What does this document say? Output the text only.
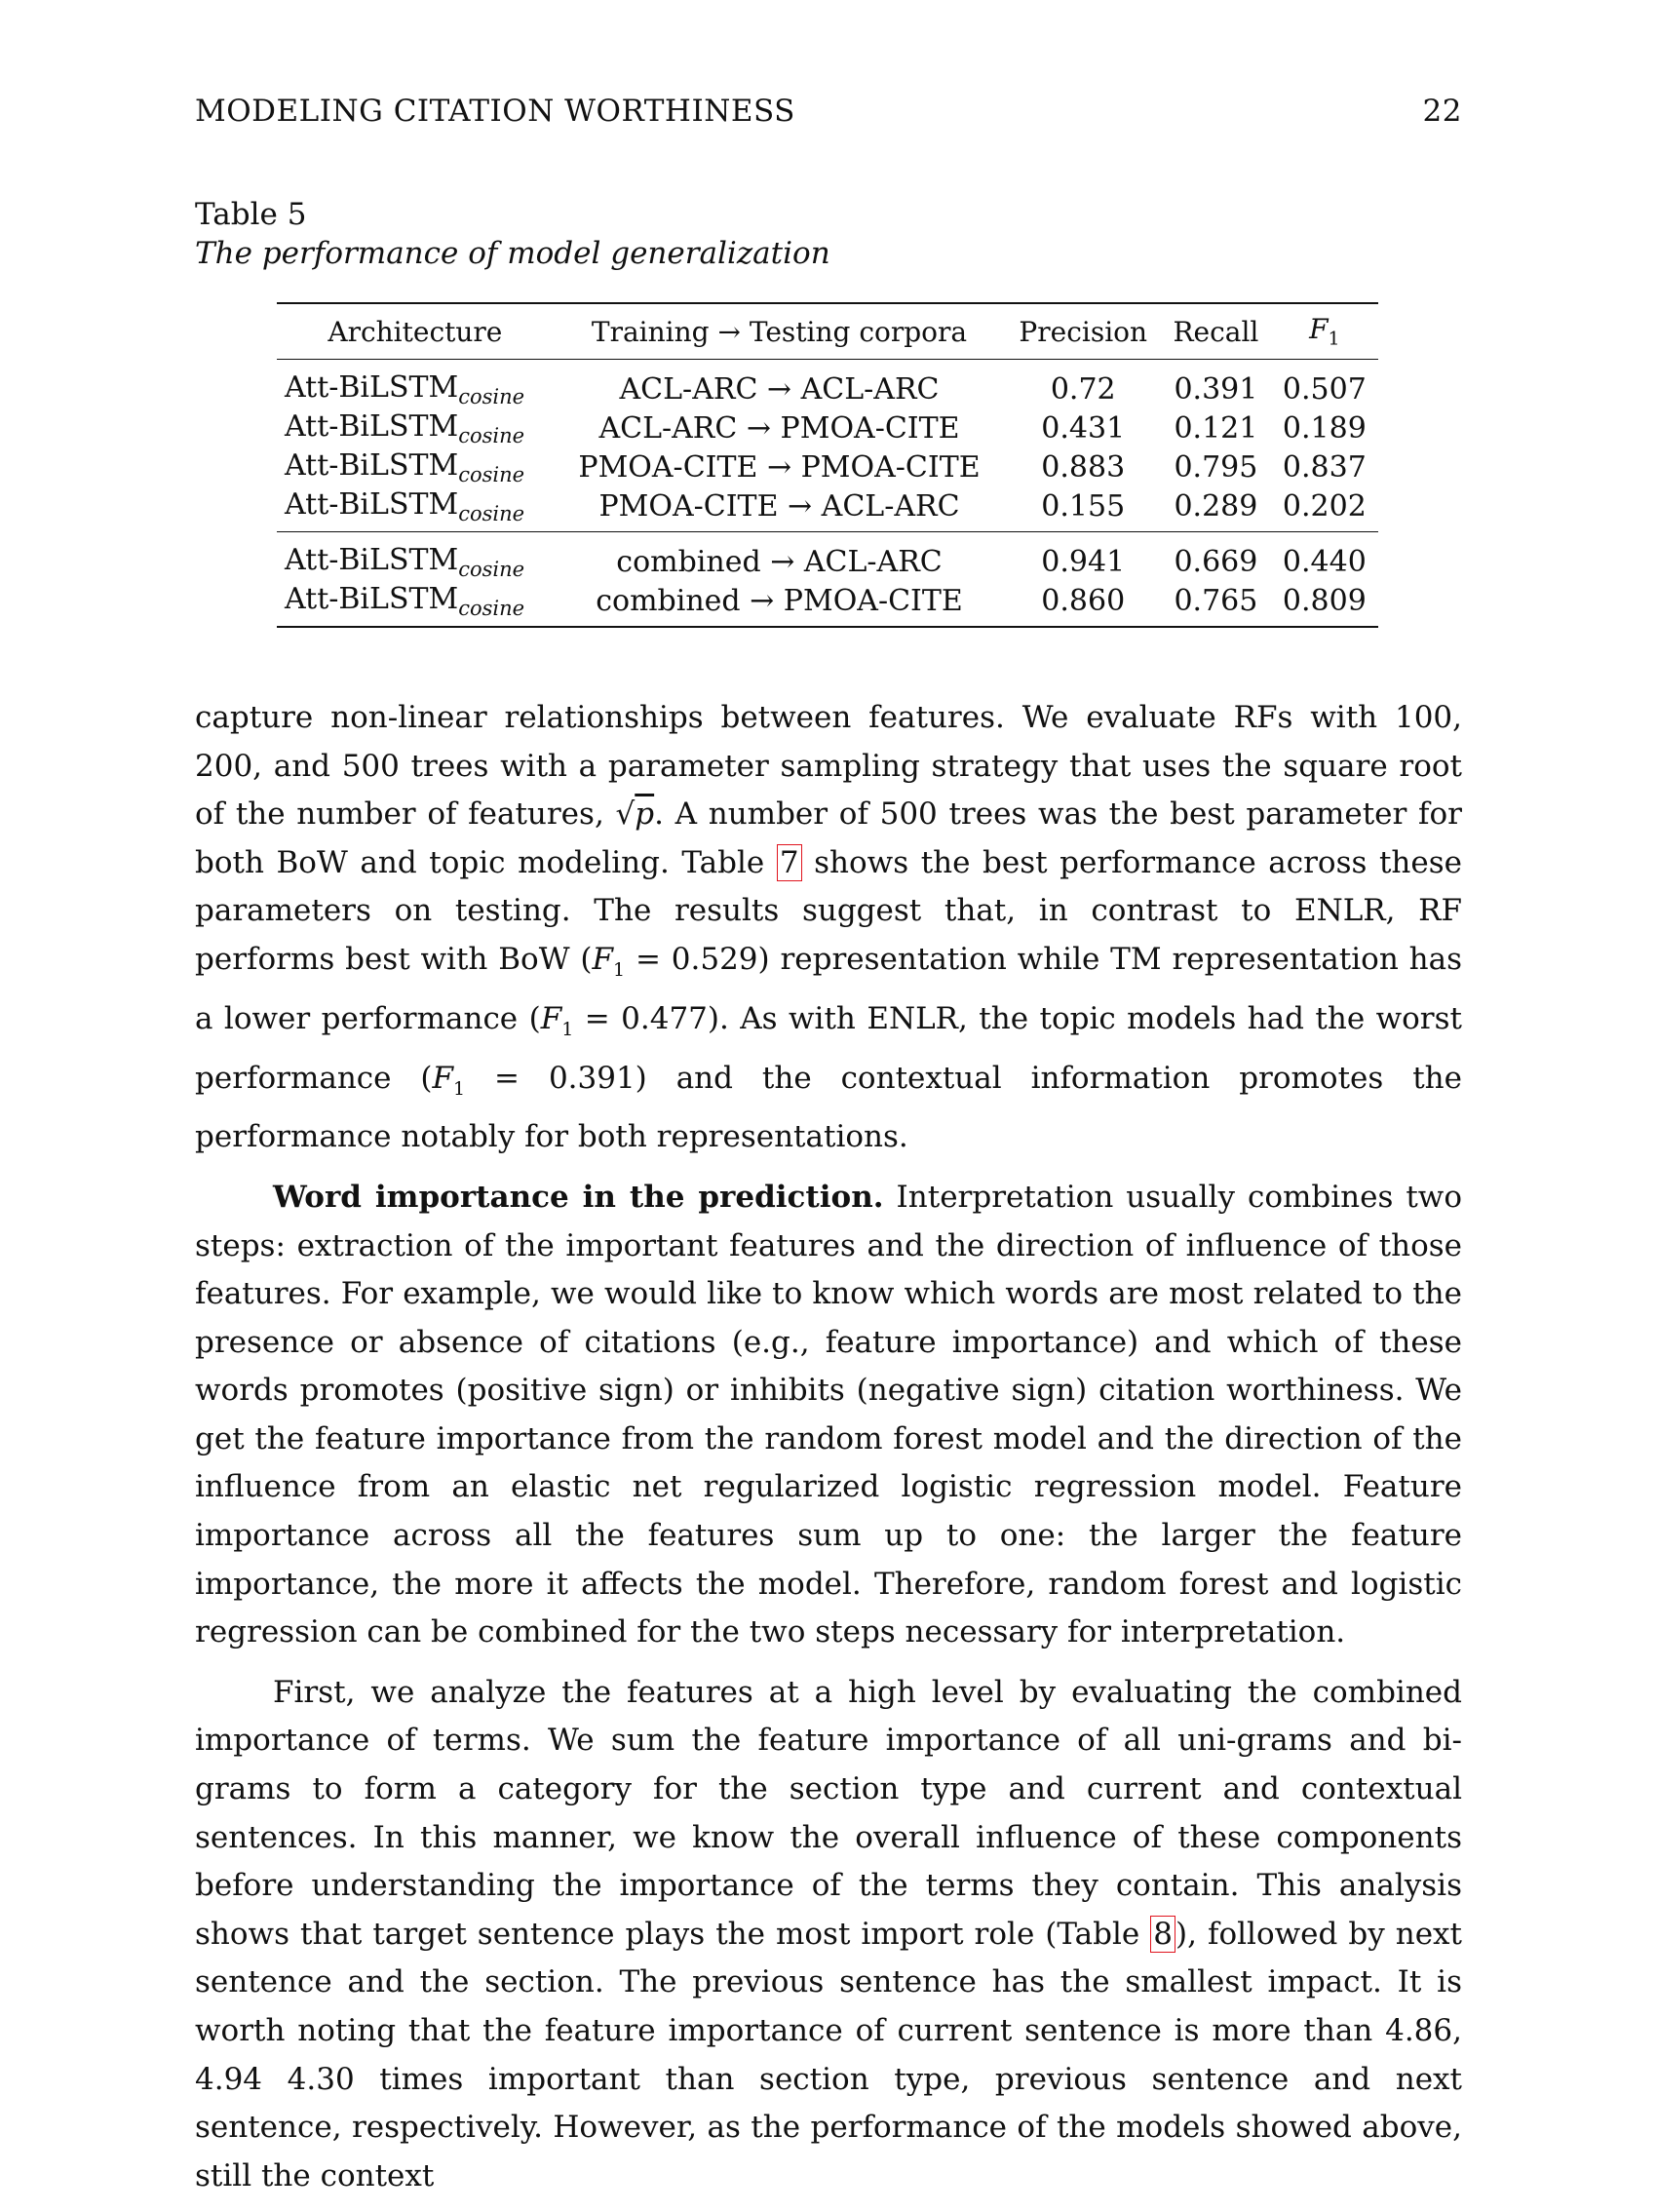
MODELING CITATION WORTHINESS	22
Table 5
The performance of model generalization
Architecture	Training → Testing corpora	Precision	Recall	$F_1$
Att-BiLSTM$_{cosine}$	ACL-ARC → ACL-ARC	0.72	0.391	0.507
Att-BiLSTM$_{cosine}$	ACL-ARC → PMOA-CITE	0.431	0.121	0.189
Att-BiLSTM$_{cosine}$	PMOA-CITE → PMOA-CITE	0.883	0.795	0.837
Att-BiLSTM$_{cosine}$	PMOA-CITE → ACL-ARC	0.155	0.289	0.202
Att-BiLSTM$_{cosine}$	combined → ACL-ARC	0.941	0.669	0.440
Att-BiLSTM$_{cosine}$	combined → PMOA-CITE	0.860	0.765	0.809

capture non-linear relationships between features. We evaluate RFs with 100, 200, and 500 trees with a parameter sampling strategy that uses the square root of the number of features, √p. A number of 500 trees was the best parameter for both BoW and topic modeling. Table 7 shows the best performance across these parameters on testing. The results suggest that, in contrast to ENLR, RF performs best with BoW $(F_1 = 0.529)$ representation while TM representation has a lower performance $(F_1 = 0.477)$. As with ENLR, the topic models had the worst performance $(F_1 = 0.391)$ and the contextual information promotes the performance notably for both representations.

Word importance in the prediction. Interpretation usually combines two steps: extraction of the important features and the direction of influence of those features. For example, we would like to know which words are most related to the presence or absence of citations (e.g., feature importance) and which of these words promotes (positive sign) or inhibits (negative sign) citation worthiness. We get the feature importance from the random forest model and the direction of the influence from an elastic net regularized logistic regression model. Feature importance across all the features sum up to one: the larger the feature importance, the more it affects the model. Therefore, random forest and logistic regression can be combined for the two steps necessary for interpretation.

First, we analyze the features at a high level by evaluating the combined importance of terms. We sum the feature importance of all uni-grams and bi-grams to form a category for the section type and current and contextual sentences. In this manner, we know the overall influence of these components before understanding the importance of the terms they contain. This analysis shows that target sentence plays the most import role (Table 8), followed by next sentence and the section. The previous sentence has the smallest impact. It is worth noting that the feature importance of current sentence is more than 4.86, 4.94 4.30 times important than section type, previous sentence and next sentence, respectively. However, as the performance of the models showed above, still the context
